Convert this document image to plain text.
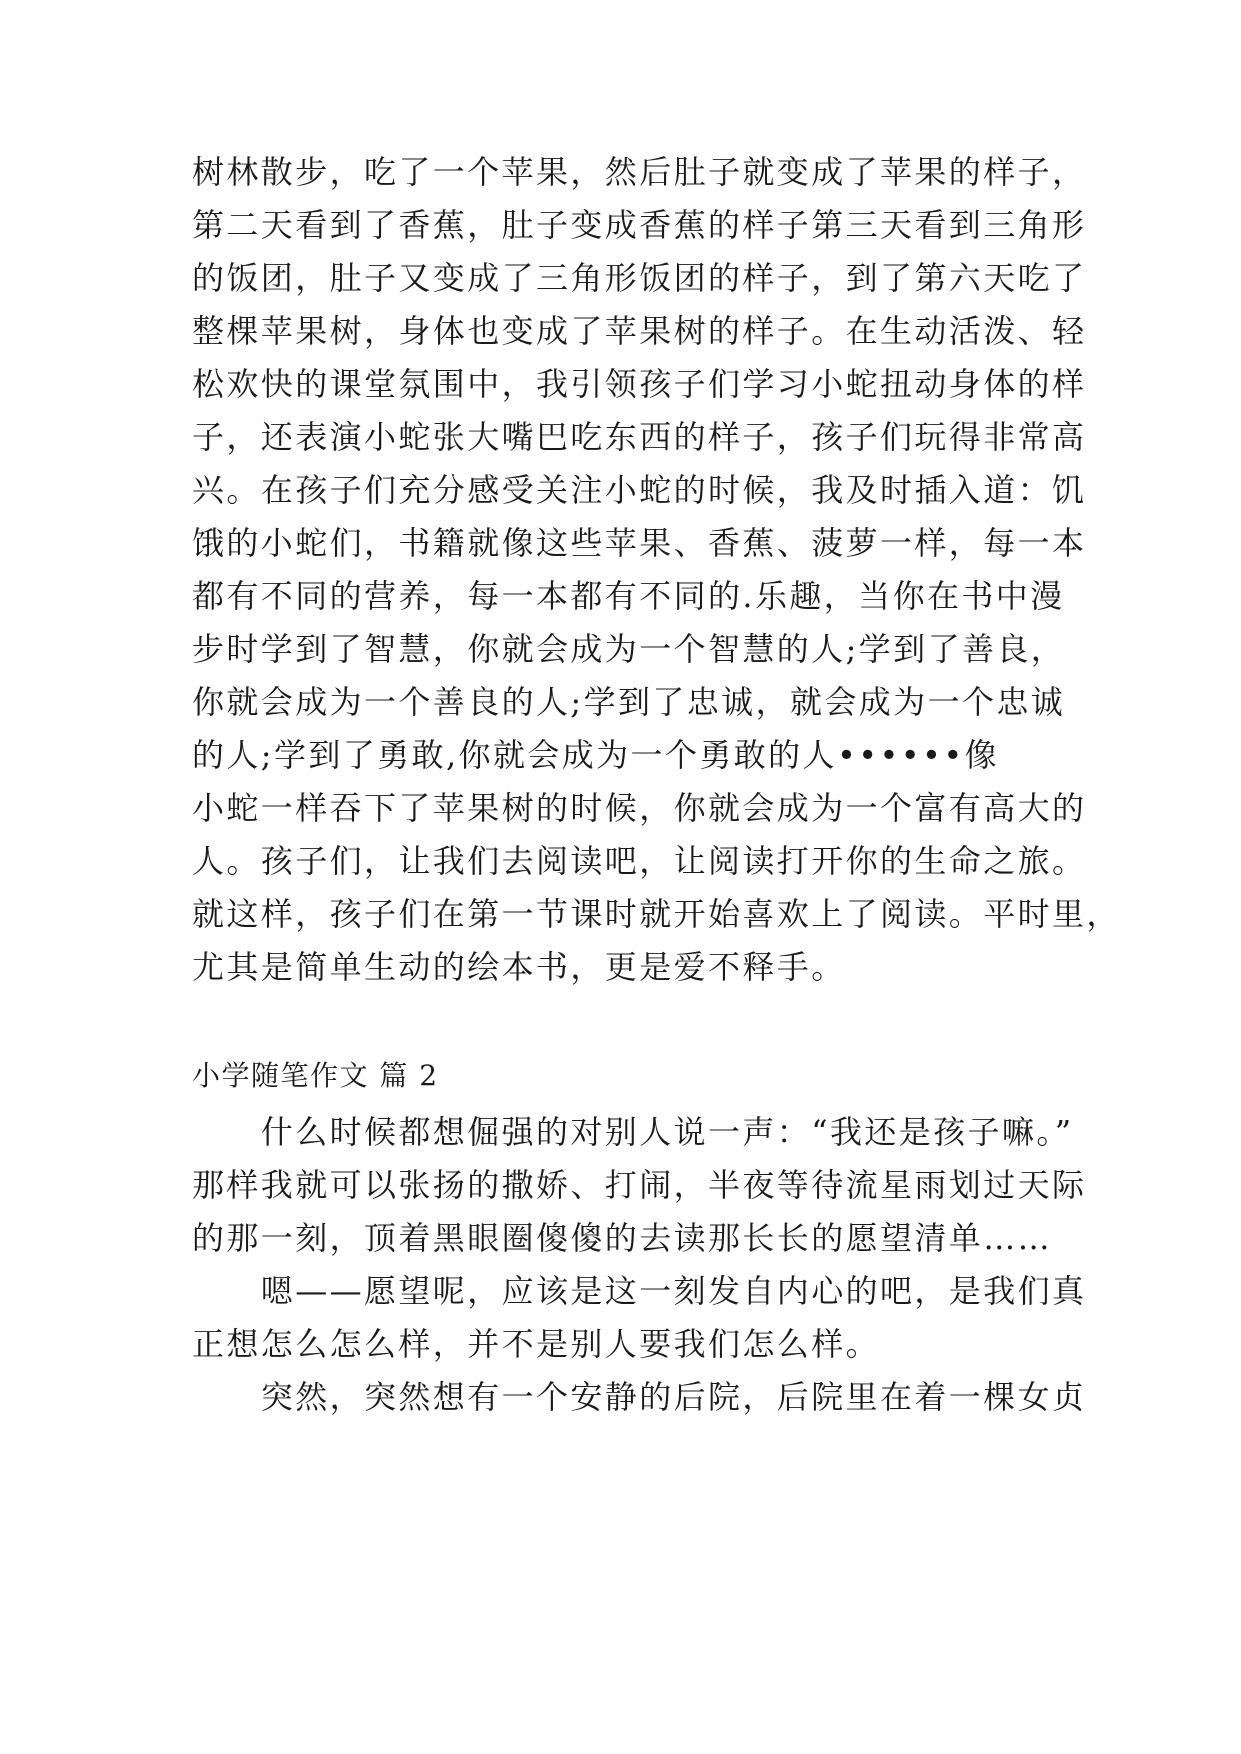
树林散步，吃了一个苹果，然后肚子就变成了苹果的样子，
第二天看到了香蕉，肚子变成香蕉的样子第三天看到三角形
的饭团，肚子又变成了三角形饭团的样子，到了第六天吃了
整棵苹果树，身体也变成了苹果树的样子。在生动活泼、轻
松欢快的课堂氛围中，我引领孩子们学习小蛇扭动身体的样
子，还表演小蛇张大嘴巴吃东西的样子，孩子们玩得非常高
兴。在孩子们充分感受关注小蛇的时候，我及时插入道：饥
饿的小蛇们，书籍就像这些苹果、香蕉、菠萝一样，每一本
都有不同的营养，每一本都有不同的.乐趣，当你在书中漫
步时学到了智慧，你就会成为一个智慧的人;学到了善良，
你就会成为一个善良的人;学到了忠诚，就会成为一个忠诚
的人;学到了勇敢,你就会成为一个勇敢的人••••••像
小蛇一样吞下了苹果树的时候，你就会成为一个富有高大的
人。孩子们，让我们去阅读吧，让阅读打开你的生命之旅。
就这样，孩子们在第一节课时就开始喜欢上了阅读。平时里，
尤其是简单生动的绘本书，更是爱不释手。
小学随笔作文 篇 2
　　什么时候都想倔强的对别人说一声：“我还是孩子嘛。”
那样我就可以张扬的撒娇、打闹，半夜等待流星雨划过天际
的那一刻，顶着黑眼圈傻傻的去读那长长的愿望清单……
　　嗯——愿望呢，应该是这一刻发自内心的吧，是我们真
正想怎么怎么样，并不是别人要我们怎么样。
　　突然，突然想有一个安静的后院，后院里在着一棵女贞
